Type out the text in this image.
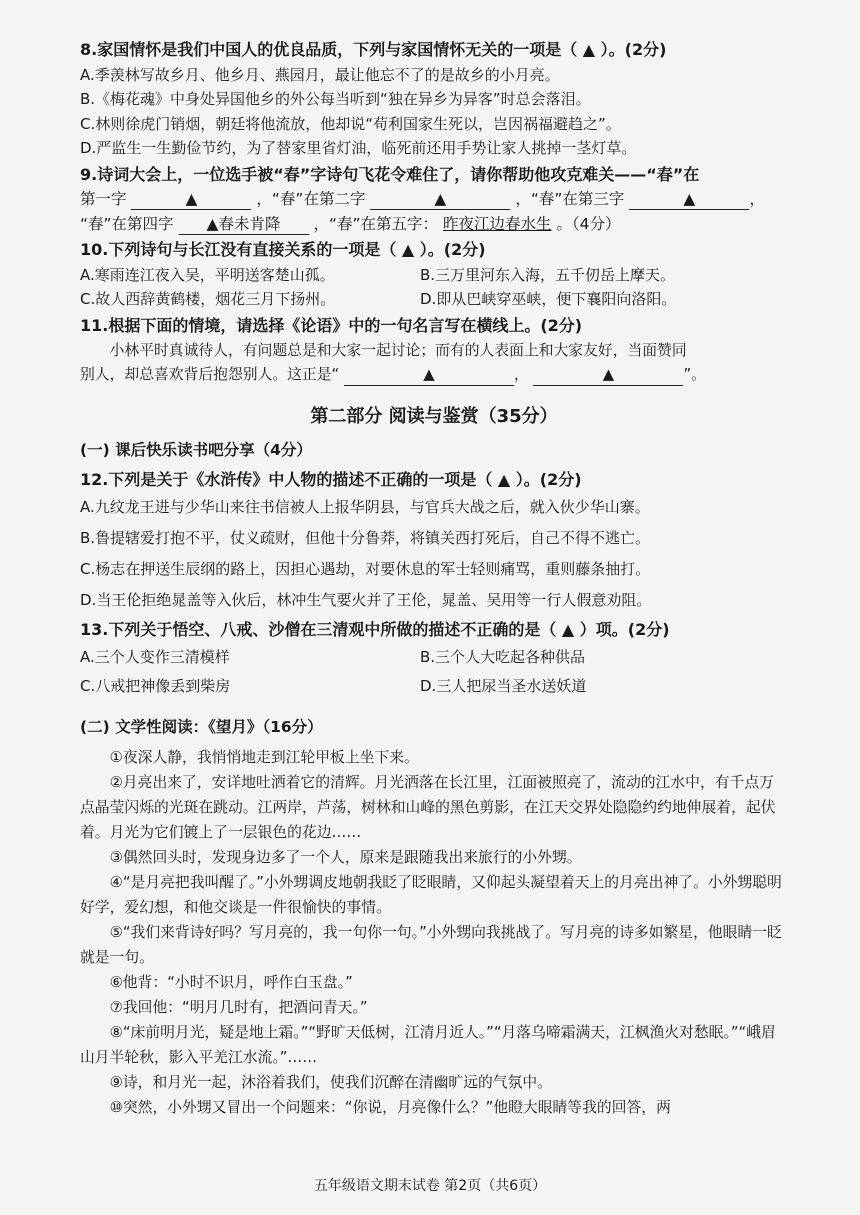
8.家国情怀是我们中国人的优良品质，下列与家国情怀无关的一项是（ ▲ ）。(2分)
A.季羡林写故乡月、他乡月、燕园月，最让他忘不了的是故乡的小月亮。
B.《梅花魂》中身处异国他乡的外公每当听到“独在异乡为异客”时总会落泪。
C.林则徐虎门销烟，朝廷将他流放，他却说“苟利国家生死以，岂因祸福避趋之”。
D.严监生一生勤俭节约，为了替家里省灯油，临死前还用手势让家人挑掉一茎灯草。
9.诗词大会上，一位选手被“春”字诗句飞花令难住了，请你帮助他攻克难关——“春”在
第一字	▲	，“春”在第二字	▲	，“春”在第三字	▲	，
“春”在第四字 ▲春未肯降 ，“春”在第五字： 昨夜江边春水生 。（4分）
10.下列诗句与长江没有直接关系的一项是（ ▲ ）。(2分)
A.寒雨连江夜入吴，平明送客楚山孤。	B.三万里河东入海，五千仞岳上摩天。
C.故人西辞黄鹤楼，烟花三月下扬州。	D.即从巴峡穿巫峡，便下襄阳向洛阳。
11.根据下面的情境，请选择《论语》中的一句名言写在横线上。(2分)
小林平时真诚待人，有问题总是和大家一起讨论；而有的人表面上和大家友好，当面赞同
别人，却总喜欢背后抱怨别人。这正是“	▲	，	▲	”。
第二部分 阅读与鉴赏（35分）
(一) 课后快乐读书吧分享（4分）
12.下列是关于《水浒传》中人物的描述不正确的一项是（ ▲ ）。(2分)
A.九纹龙王进与少华山来往书信被人上报华阴县，与官兵大战之后，就入伙少华山寨。
B.鲁提辖爱打抱不平，仗义疏财，但他十分鲁莽，将镇关西打死后，自己不得不逃亡。
C.杨志在押送生辰纲的路上，因担心遇劫，对要休息的军士轻则痛骂，重则藤条抽打。
D.当王伦拒绝晁盖等入伙后，林冲生气要火并了王伦，晁盖、吴用等一行人假意劝阻。
13.下列关于悟空、八戒、沙僧在三清观中所做的描述不正确的是（ ▲ ）项。(2分)
A.三个人变作三清模样	B.三个人大吃起各种供品
C.八戒把神像丢到柴房	D.三人把尿当圣水送妖道
(二) 文学性阅读：《望月》（16分）
①夜深人静，我悄悄地走到江轮甲板上坐下来。
②月亮出来了，安详地吐洒着它的清辉。月光洒落在长江里，江面被照亮了，流动的江水中，有千点万点晶莹闪烁的光斑在跳动。江两岸，芦荡，树林和山峰的黑色剪影，在江天交界处隐隐约约地伸展着，起伏着。月光为它们镀上了一层银色的花边……
③偶然回头时，发现身边多了一个人，原来是跟随我出来旅行的小外甥。
④“是月亮把我叫醒了。”小外甥调皮地朝我眨了眨眼睛，又仰起头凝望着天上的月亮出神了。小外甥聪明好学，爱幻想，和他交谈是一件很愉快的事情。
⑤“我们来背诗好吗？写月亮的，我一句你一句。”小外甥向我挑战了。写月亮的诗多如繁星，他眼睛一眨就是一句。
⑥他背：“小时不识月，呼作白玉盘。”
⑦我回他：“明月几时有，把酒问青天。”
⑧“床前明月光，疑是地上霜。”“野旷天低树，江清月近人。”“月落乌啼霜满天，江枫渔火对愁眠。”“峨眉山月半轮秋，影入平羌江水流。”……
⑨诗，和月光一起，沐浴着我们，使我们沉醉在清幽旷远的气氛中。
⑩突然，小外甥又冒出一个问题来：“你说，月亮像什么？”他瞪大眼睛等我的回答，两
五年级语文期末试卷 第2页（共6页）
